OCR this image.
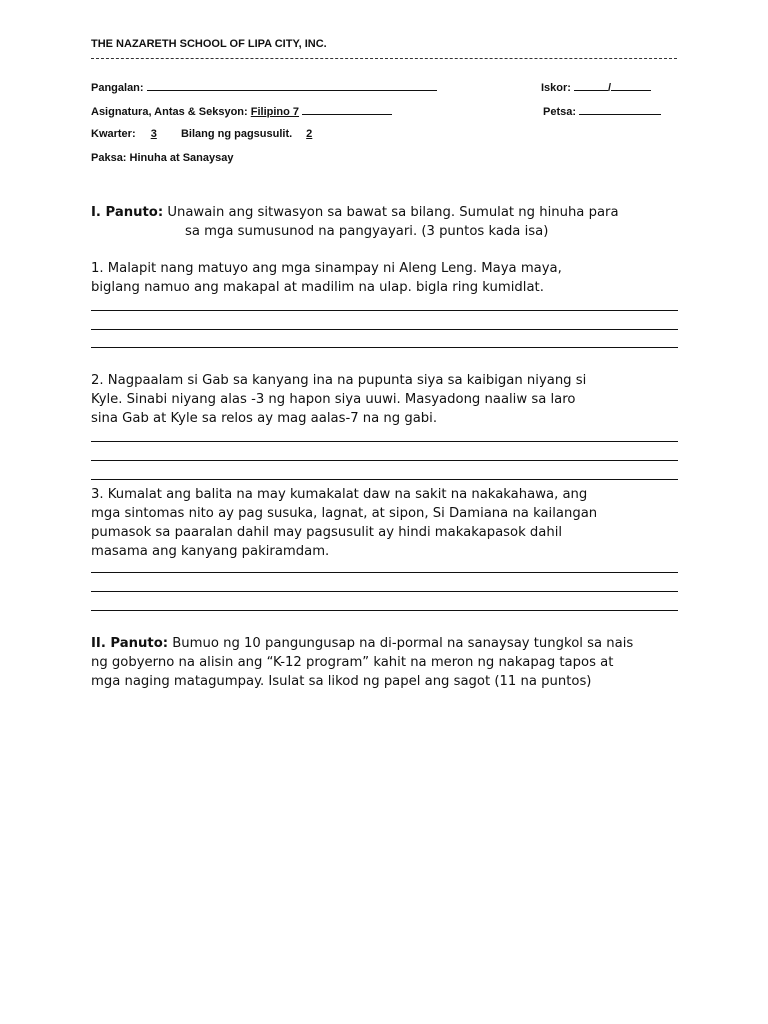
THE NAZARETH SCHOOL OF LIPA CITY, INC.
Pangalan:	Iskor:	/
Asignatura, Antas & Seksyon: Filipino 7	Petsa:
Kwarter: 3 Bilang ng pagsusulit. 2
Paksa: Hinuha at Sanaysay
I. Panuto: Unawain ang sitwasyon sa bawat sa bilang. Sumulat ng hinuha para
sa mga sumusunod na pangyayari. (3 puntos kada isa)
1. Malapit nang matuyo ang mga sinampay ni Aleng Leng. Maya maya,
biglang namuo ang makapal at madilim na ulap. bigla ring kumidlat.
2. Nagpaalam si Gab sa kanyang ina na pupunta siya sa kaibigan niyang si
Kyle. Sinabi niyang alas -3 ng hapon siya uuwi. Masyadong naaliw sa laro
sina Gab at Kyle sa relos ay mag aalas-7 na ng gabi.
3. Kumalat ang balita na may kumakalat daw na sakit na nakakahawa, ang
mga sintomas nito ay pag susuka, lagnat, at sipon, Si Damiana na kailangan
pumasok sa paaralan dahil may pagsusulit ay hindi makakapasok dahil
masama ang kanyang pakiramdam.
II. Panuto: Bumuo ng 10 pangungusap na di-pormal na sanaysay tungkol sa nais
ng gobyerno na alisin ang “K-12 program” kahit na meron ng nakapag tapos at
mga naging matagumpay. Isulat sa likod ng papel ang sagot (11 na puntos)
